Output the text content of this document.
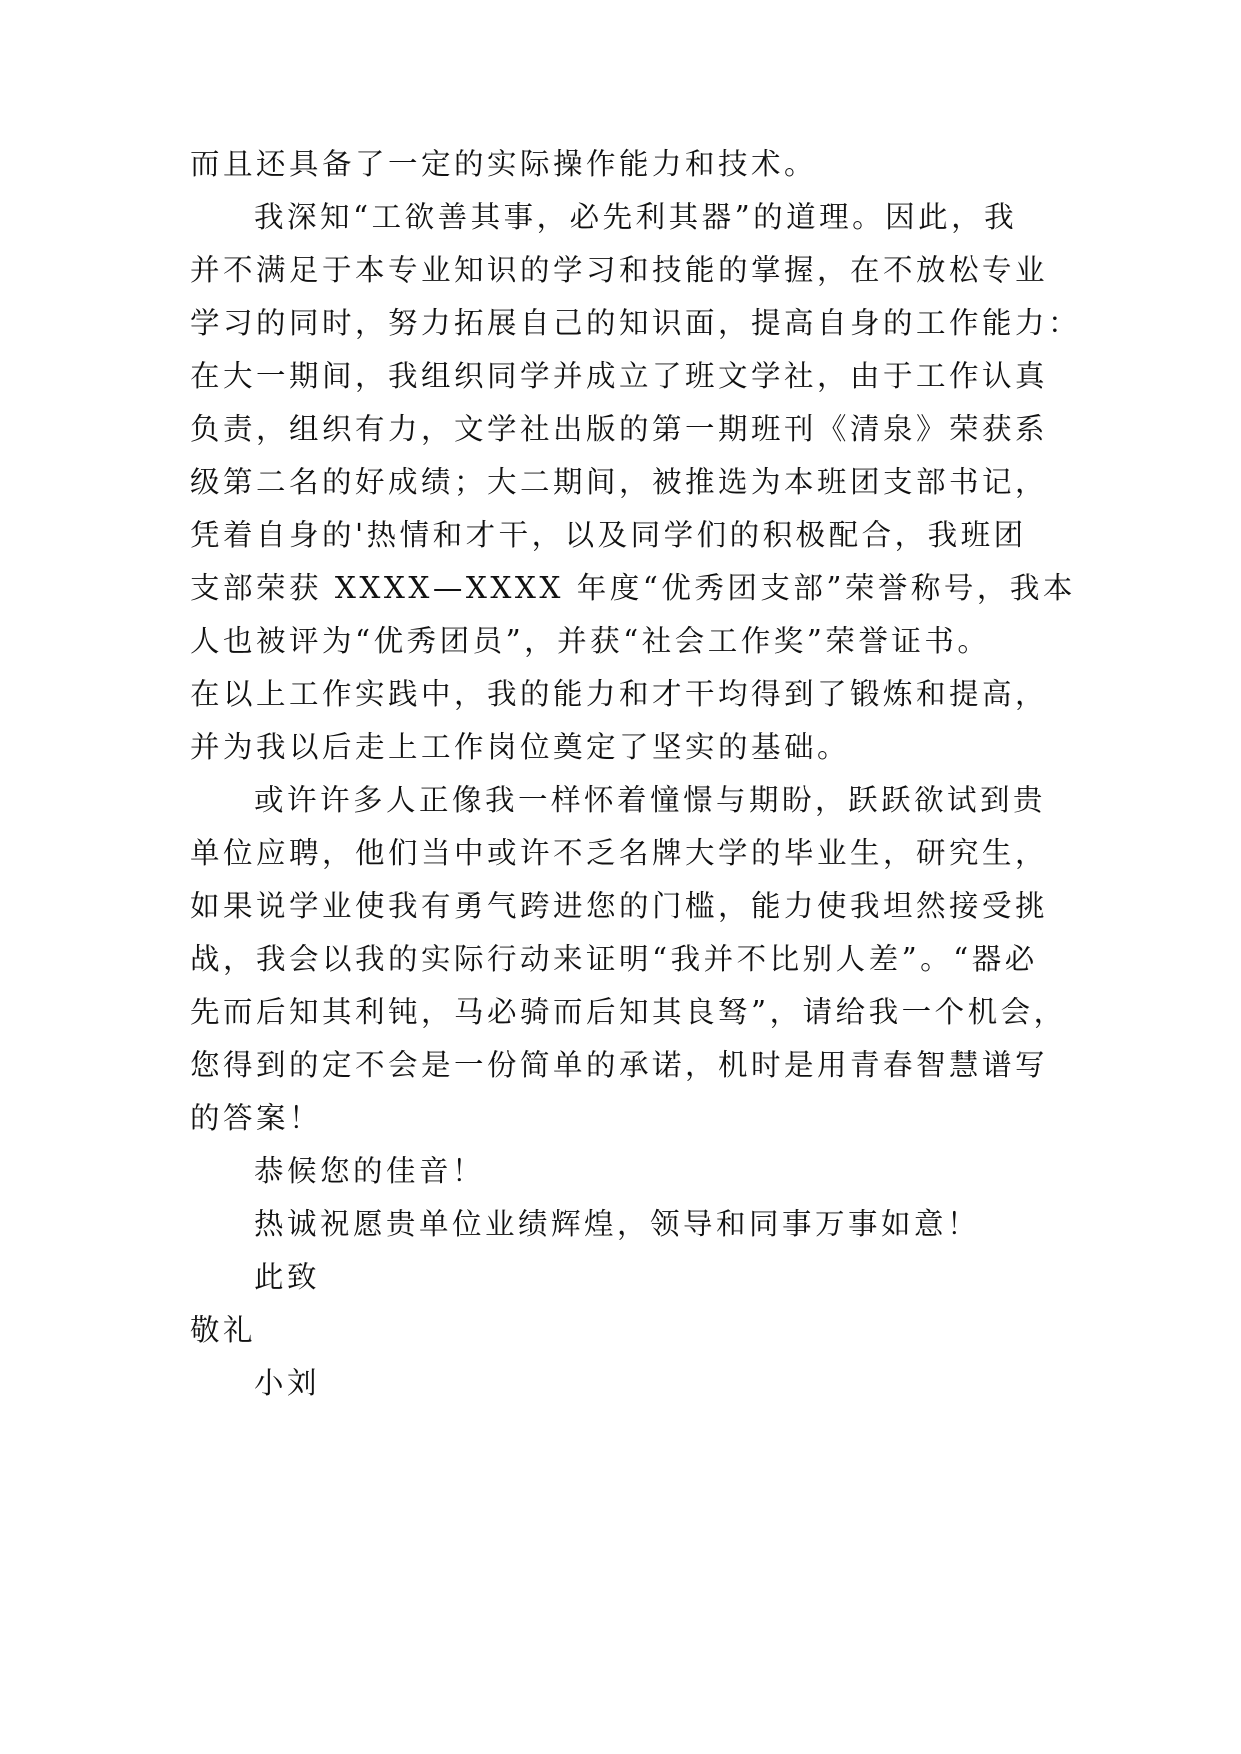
而且还具备了一定的实际操作能力和技术。
我深知“工欲善其事，必先利其器”的道理。因此，我
并不满足于本专业知识的学习和技能的掌握，在不放松专业
学习的同时，努力拓展自己的知识面，提高自身的工作能力：
在大一期间，我组织同学并成立了班文学社，由于工作认真
负责，组织有力，文学社出版的第一期班刊《清泉》荣获系
级第二名的好成绩；大二期间，被推选为本班团支部书记，
凭着自身的'热情和才干，以及同学们的积极配合，我班团
支部荣获 XXXX—XXXX 年度“优秀团支部”荣誉称号，我本
人也被评为“优秀团员”，并获“社会工作奖”荣誉证书。
在以上工作实践中，我的能力和才干均得到了锻炼和提高，
并为我以后走上工作岗位奠定了坚实的基础。
或许许多人正像我一样怀着憧憬与期盼，跃跃欲试到贵
单位应聘，他们当中或许不乏名牌大学的毕业生，研究生，
如果说学业使我有勇气跨进您的门槛，能力使我坦然接受挑
战，我会以我的实际行动来证明“我并不比别人差”。“器必
先而后知其利钝，马必骑而后知其良驽”，请给我一个机会，
您得到的定不会是一份简单的承诺，机时是用青春智慧谱写
的答案！
恭候您的佳音！
热诚祝愿贵单位业绩辉煌，领导和同事万事如意！
此致
敬礼
小刘
